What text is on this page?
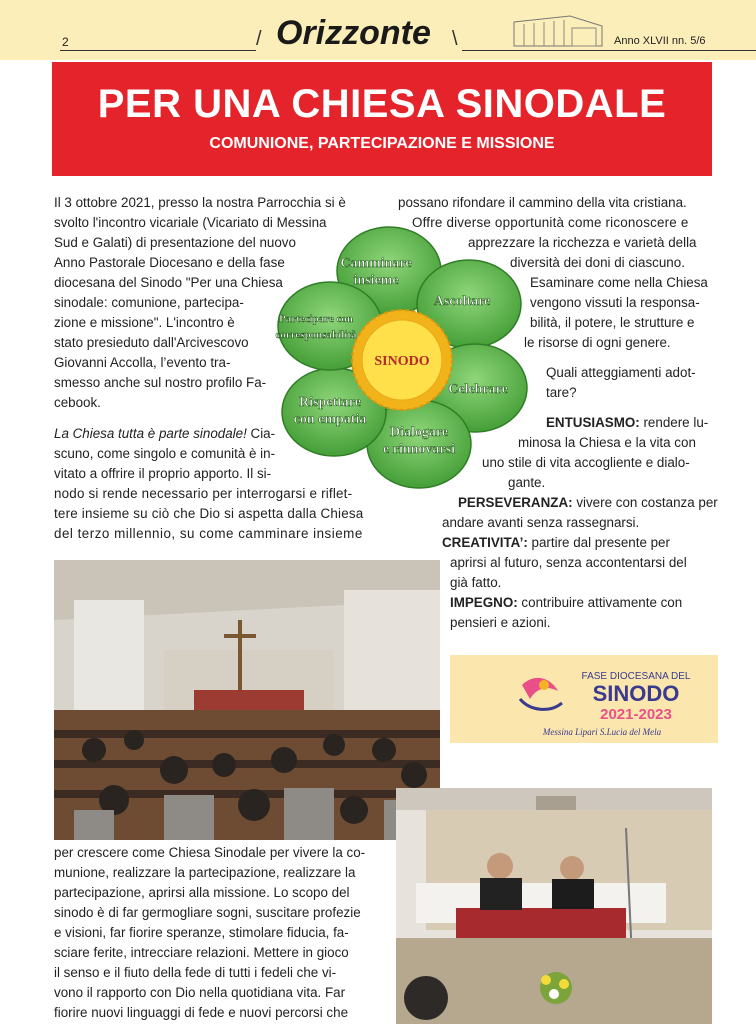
2	/ Orizzonte \	Anno XLVII nn. 5/6
PER UNA CHIESA SINODALE
COMUNIONE, PARTECIPAZIONE E MISSIONE
Il 3 ottobre 2021, presso la nostra Parrocchia si è
svolto l'incontro vicariale (Vicariato di Messina
Sud e Galati) di presentazione del nuovo
Anno Pastorale Diocesano e della fase
diocesana del Sinodo "Per una Chiesa
sinodale: comunione, partecipa-
zione e missione". L'incontro è
stato presieduto dall'Arcivescovo
Giovanni Accolla, l’evento tra-
smesso anche sul nostro profilo Fa-
cebook.
La Chiesa tutta è parte sinodale! Cia-
scuno, come singolo e comunità è in-
vitato a offrire il proprio apporto. Il si-
nodo si rende necessario per interrogarsi e riflet-
tere insieme su ciò che Dio si aspetta dalla Chiesa
del terzo millennio, su come camminare insieme
possano rifondare il cammino della vita cristiana.
Offre diverse opportunità come riconoscere e
apprezzare la ricchezza e varietà della
diversità dei doni di ciascuno.
Esaminare come nella Chiesa
vengono vissuti la responsa-
bilità, il potere, le strutture e
le risorse di ogni genere.
Quali atteggiamenti adot-
tare?
ENTUSIASMO: rendere lu-
minosa la Chiesa e la vita con
uno stile di vita accogliente e dialo-
gante.
PERSEVERANZA: vivere con costanza per
andare avanti senza rassegnarsi.
CREATIVITA’: partire dal presente per
aprirsi al futuro, senza accontentarsi del
già fatto.
IMPEGNO: contribuire attivamente con
pensieri e azioni.
SINODO
Camminare
insieme
Ascoltare
Celebrare
Dialogare
e rinnovarsi
Rispettare
con empatia
Partecipare con
corresponsabilità
FASE DIOCESANA DEL
SINODO
2021-2023
Messina Lipari S.Lucia del Mela
per crescere come Chiesa Sinodale per vivere la co-
munione, realizzare la partecipazione, realizzare la
partecipazione, aprirsi alla missione. Lo scopo del
sinodo è di far germogliare sogni, suscitare profezie
e visioni, far fiorire speranze, stimolare fiducia, fa-
sciare ferite, intrecciare relazioni. Mettere in gioco
il senso e il fiuto della fede di tutti i fedeli che vi-
vono il rapporto con Dio nella quotidiana vita. Far
fiorire nuovi linguaggi di fede e nuovi percorsi che
